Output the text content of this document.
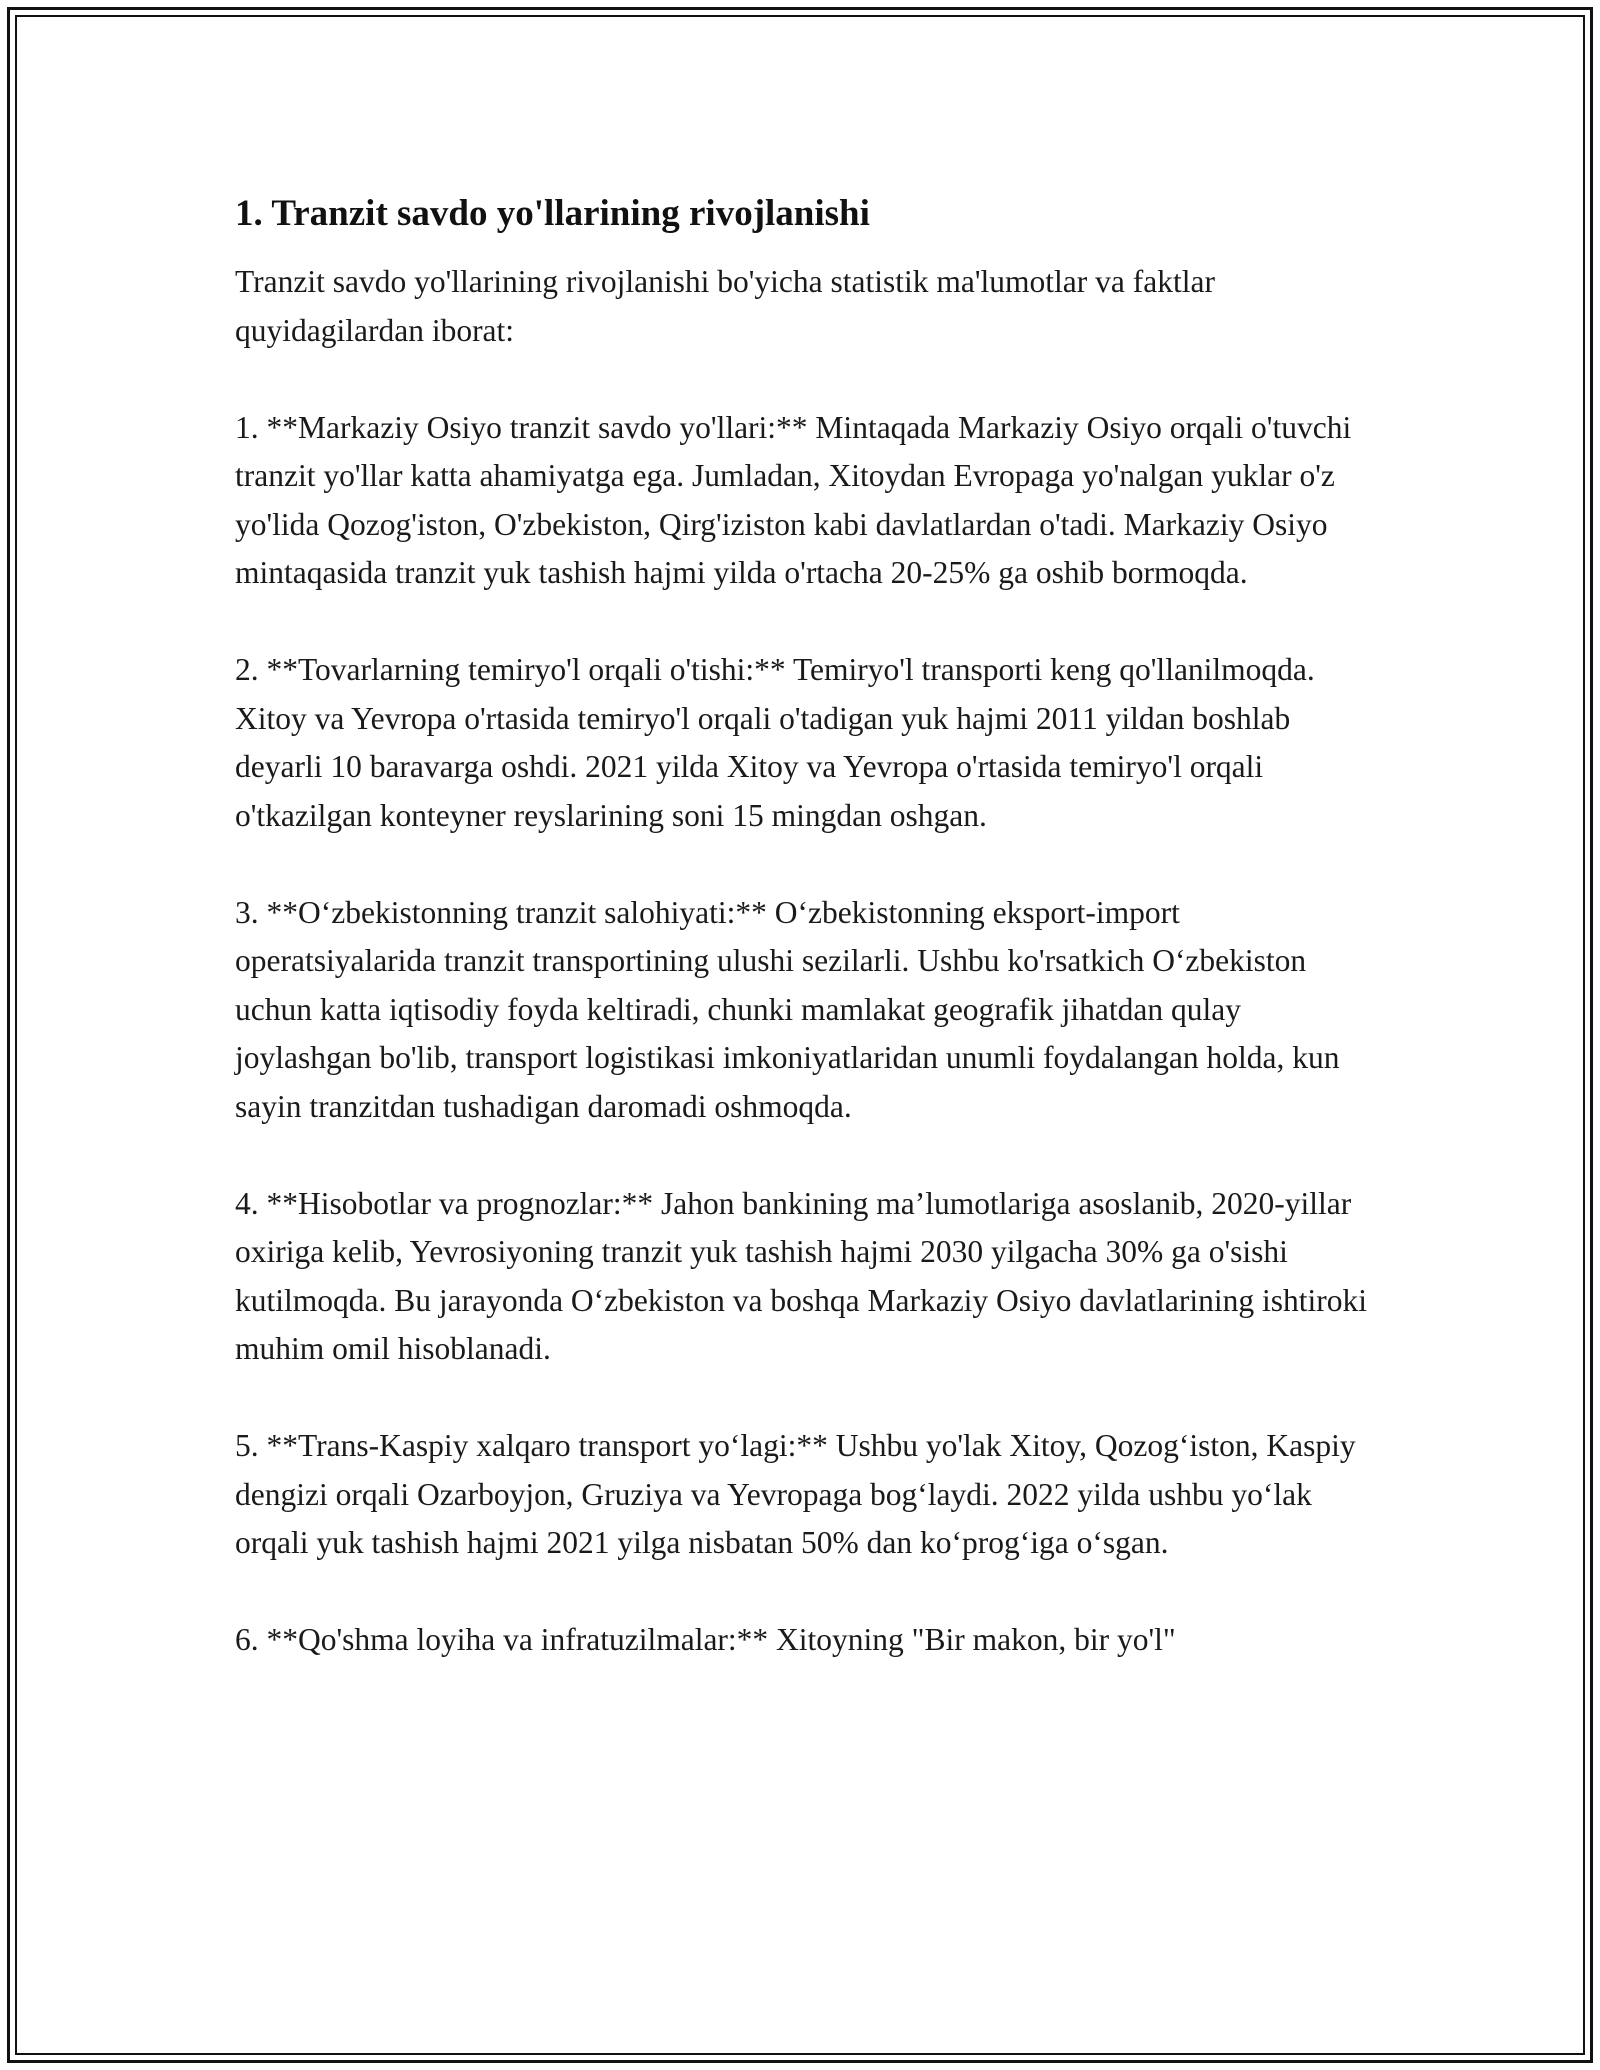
1. Tranzit savdo yo'llarining rivojlanishi

Tranzit savdo yo'llarining rivojlanishi bo'yicha statistik ma'lumotlar va faktlar quyidagilardan iborat:

1. **Markaziy Osiyo tranzit savdo yo'llari:** Mintaqada Markaziy Osiyo orqali o'tuvchi tranzit yo'llar katta ahamiyatga ega. Jumladan, Xitoydan Evropaga yo'nalgan yuklar o'z yo'lida Qozog'iston, O'zbekiston, Qirg'iziston kabi davlatlardan o'tadi. Markaziy Osiyo mintaqasida tranzit yuk tashish hajmi yilda o'rtacha 20-25% ga oshib bormoqda.

2. **Tovarlarning temiryo'l orqali o'tishi:** Temiryo'l transporti keng qo'llanilmoqda. Xitoy va Yevropa o'rtasida temiryo'l orqali o'tadigan yuk hajmi 2011 yildan boshlab deyarli 10 baravarga oshdi. 2021 yilda Xitoy va Yevropa o'rtasida temiryo'l orqali o'tkazilgan konteyner reyslarining soni 15 mingdan oshgan.

3. **O‘zbekistonning tranzit salohiyati:** O‘zbekistonning eksport-import operatsiyalarida tranzit transportining ulushi sezilarli. Ushbu ko'rsatkich O‘zbekiston uchun katta iqtisodiy foyda keltiradi, chunki mamlakat geografik jihatdan qulay joylashgan bo'lib, transport logistikasi imkoniyatlaridan unumli foydalangan holda, kun sayin tranzitdan tushadigan daromadi oshmoqda.

4. **Hisobotlar va prognozlar:** Jahon bankining ma’lumotlariga asoslanib, 2020-yillar oxiriga kelib, Yevrosiyoning tranzit yuk tashish hajmi 2030 yilgacha 30% ga o'sishi kutilmoqda. Bu jarayonda O‘zbekiston va boshqa Markaziy Osiyo davlatlarining ishtiroki muhim omil hisoblanadi.

5. **Trans-Kaspiy xalqaro transport yo‘lagi:** Ushbu yo'lak Xitoy, Qozog‘iston, Kaspiy dengizi orqali Ozarboyjon, Gruziya va Yevropaga bog‘laydi. 2022 yilda ushbu yo‘lak orqali yuk tashish hajmi 2021 yilga nisbatan 50% dan ko‘prog‘iga o‘sgan.

6. **Qo'shma loyiha va infratuzilmalar:** Xitoyning "Bir makon, bir yo'l"
